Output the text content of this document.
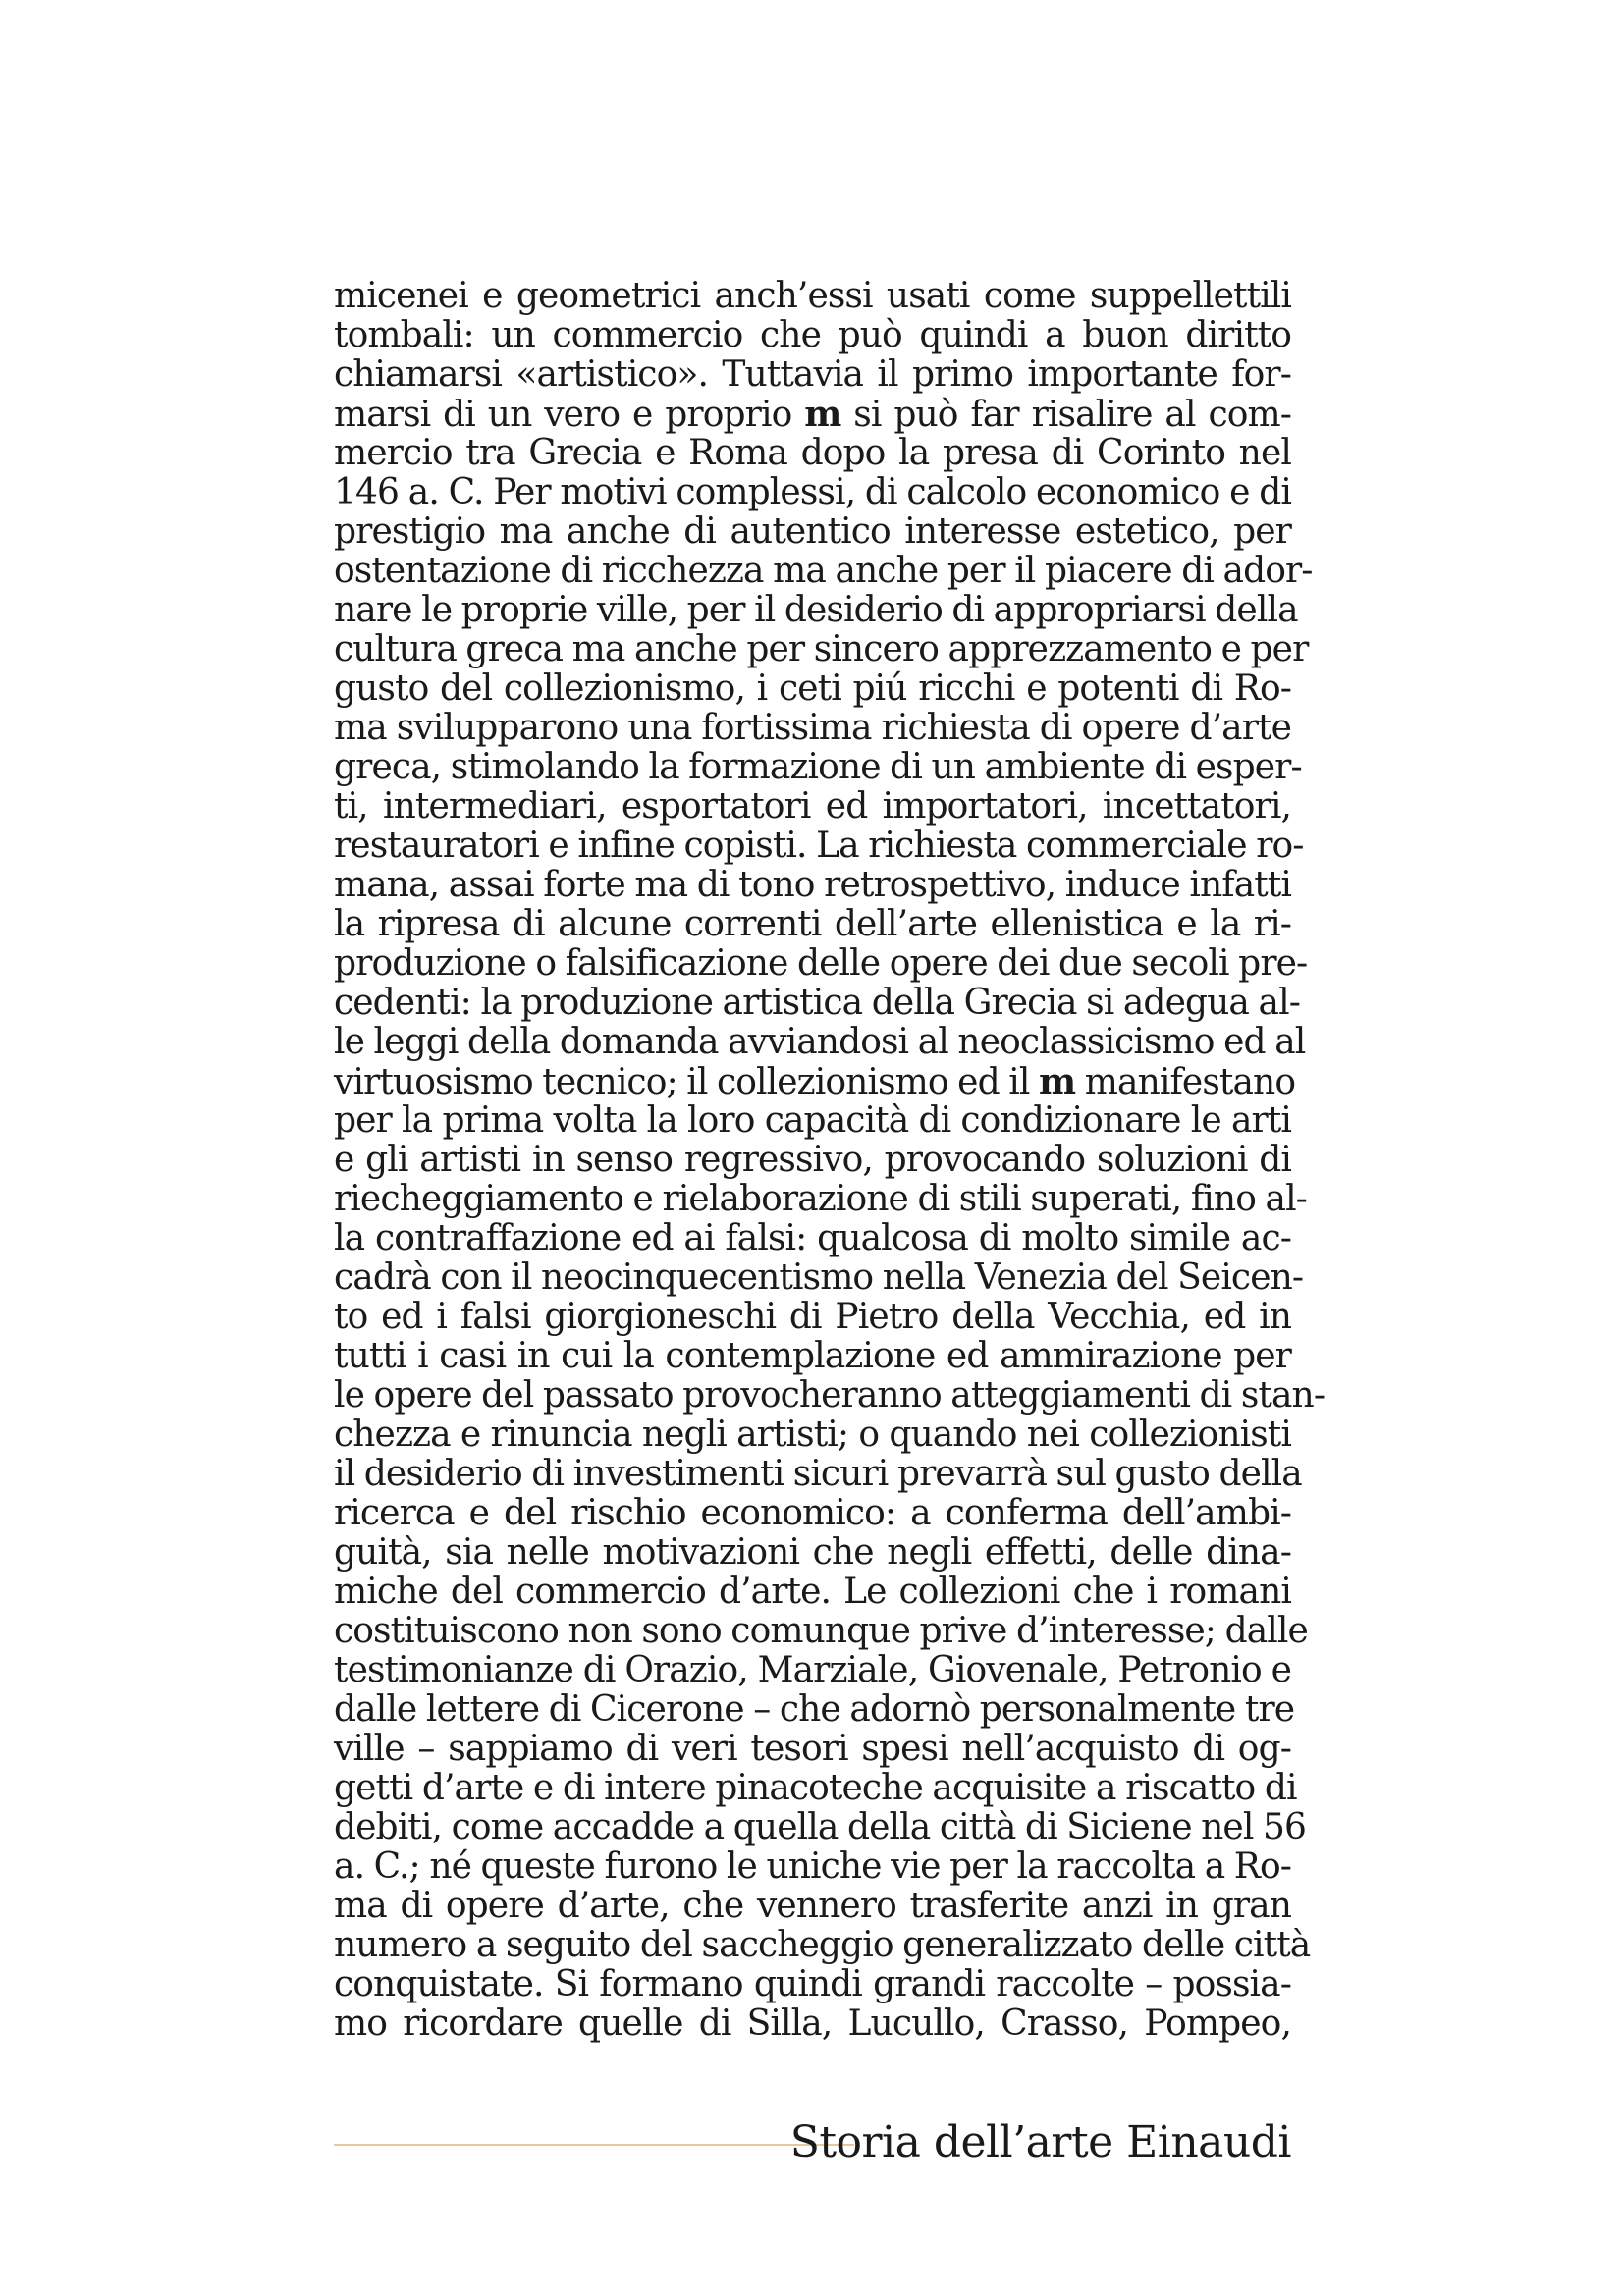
micenei e geometrici anch’essi usati come suppellettili
tombali: un commercio che può quindi a buon diritto
chiamarsi «artistico». Tuttavia il primo importante for-
marsi di un vero e proprio m si può far risalire al com-
mercio tra Grecia e Roma dopo la presa di Corinto nel
146 a. C. Per motivi complessi, di calcolo economico e di
prestigio ma anche di autentico interesse estetico, per
ostentazione di ricchezza ma anche per il piacere di ador-
nare le proprie ville, per il desiderio di appropriarsi della
cultura greca ma anche per sincero apprezzamento e per
gusto del collezionismo, i ceti piú ricchi e potenti di Ro-
ma svilupparono una fortissima richiesta di opere d’arte
greca, stimolando la formazione di un ambiente di esper-
ti, intermediari, esportatori ed importatori, incettatori,
restauratori e infine copisti. La richiesta commerciale ro-
mana, assai forte ma di tono retrospettivo, induce infatti
la ripresa di alcune correnti dell’arte ellenistica e la ri-
produzione o falsificazione delle opere dei due secoli pre-
cedenti: la produzione artistica della Grecia si adegua al-
le leggi della domanda avviandosi al neoclassicismo ed al
virtuosismo tecnico; il collezionismo ed il m manifestano
per la prima volta la loro capacità di condizionare le arti
e gli artisti in senso regressivo, provocando soluzioni di
riecheggiamento e rielaborazione di stili superati, fino al-
la contraffazione ed ai falsi: qualcosa di molto simile ac-
cadrà con il neocinquecentismo nella Venezia del Seicen-
to ed i falsi giorgioneschi di Pietro della Vecchia, ed in
tutti i casi in cui la contemplazione ed ammirazione per
le opere del passato provocheranno atteggiamenti di stan-
chezza e rinuncia negli artisti; o quando nei collezionisti
il desiderio di investimenti sicuri prevarrà sul gusto della
ricerca e del rischio economico: a conferma dell’ambi-
guità, sia nelle motivazioni che negli effetti, delle dina-
miche del commercio d’arte. Le collezioni che i romani
costituiscono non sono comunque prive d’interesse; dalle
testimonianze di Orazio, Marziale, Giovenale, Petronio e
dalle lettere di Cicerone – che adornò personalmente tre
ville – sappiamo di veri tesori spesi nell’acquisto di og-
getti d’arte e di intere pinacoteche acquisite a riscatto di
debiti, come accadde a quella della città di Siciene nel 56
a. C.; né queste furono le uniche vie per la raccolta a Ro-
ma di opere d’arte, che vennero trasferite anzi in gran
numero a seguito del saccheggio generalizzato delle città
conquistate. Si formano quindi grandi raccolte – possia-
mo ricordare quelle di Silla, Lucullo, Crasso, Pompeo,
Storia dell’arte Einaudi
